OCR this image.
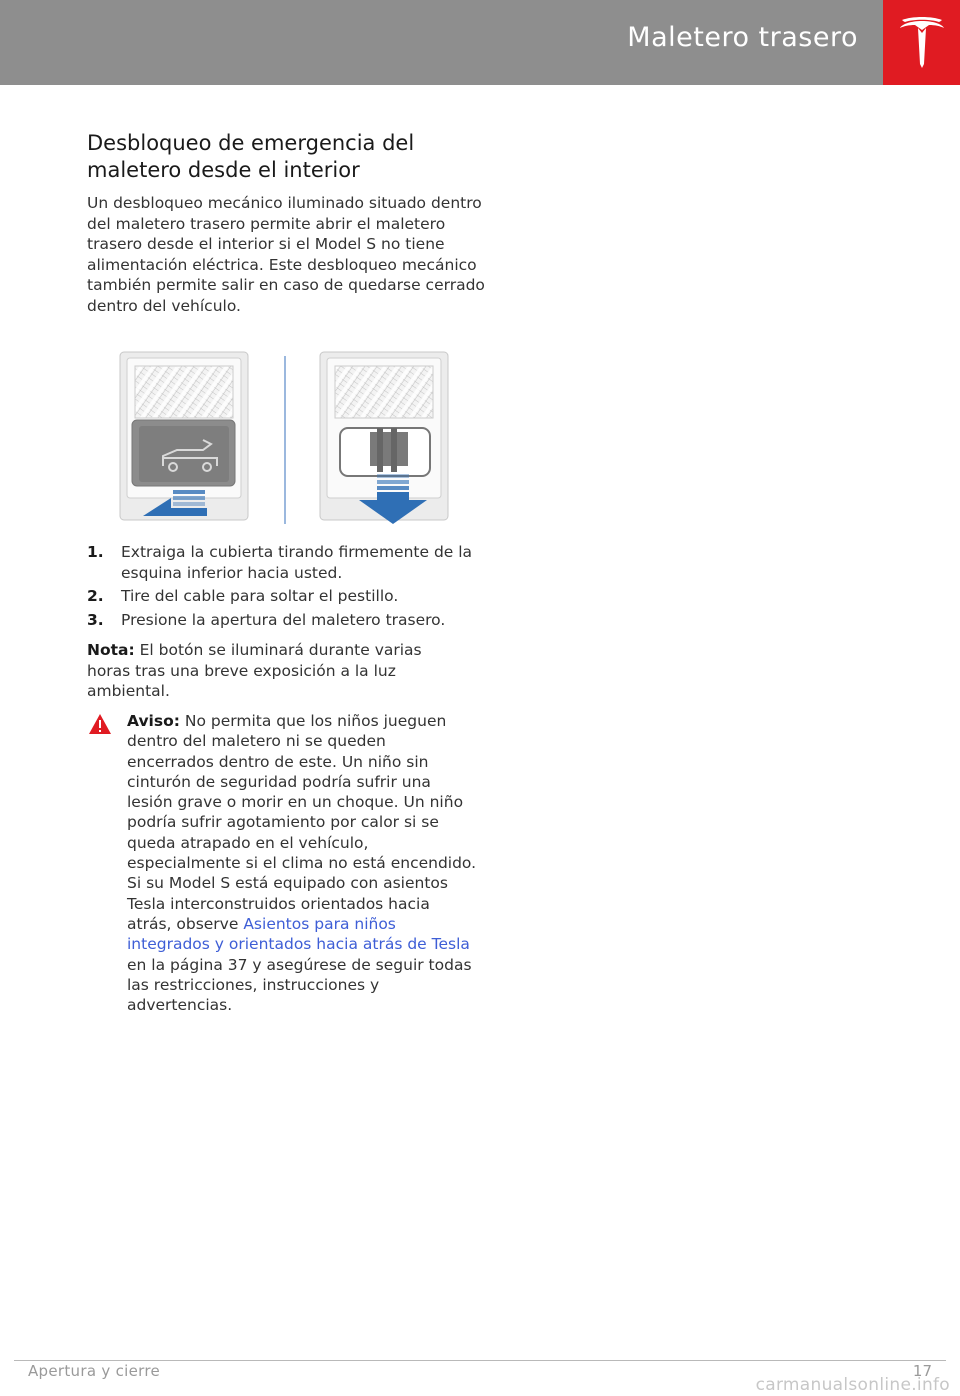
Maletero trasero
Desbloqueo de emergencia del maletero desde el interior
Un desbloqueo mecánico iluminado situado dentro del maletero trasero permite abrir el maletero trasero desde el interior si el Model S no tiene alimentación eléctrica. Este desbloqueo mecánico también permite salir en caso de quedarse cerrado dentro del vehículo.
1. Extraiga la cubierta tirando firmemente de la esquina inferior hacia usted.
2. Tire del cable para soltar el pestillo.
3. Presione la apertura del maletero trasero.
Nota: El botón se iluminará durante varias horas tras una breve exposición a la luz ambiental.
Aviso: No permita que los niños jueguen dentro del maletero ni se queden encerrados dentro de este. Un niño sin cinturón de seguridad podría sufrir una lesión grave o morir en un choque. Un niño podría sufrir agotamiento por calor si se queda atrapado en el vehículo, especialmente si el clima no está encendido. Si su Model S está equipado con asientos Tesla interconstruidos orientados hacia atrás, observe Asientos para niños integrados y orientados hacia atrás de Tesla en la página 37 y asegúrese de seguir todas las restricciones, instrucciones y advertencias.
Apertura y cierre	17
carmanualsonline.info
